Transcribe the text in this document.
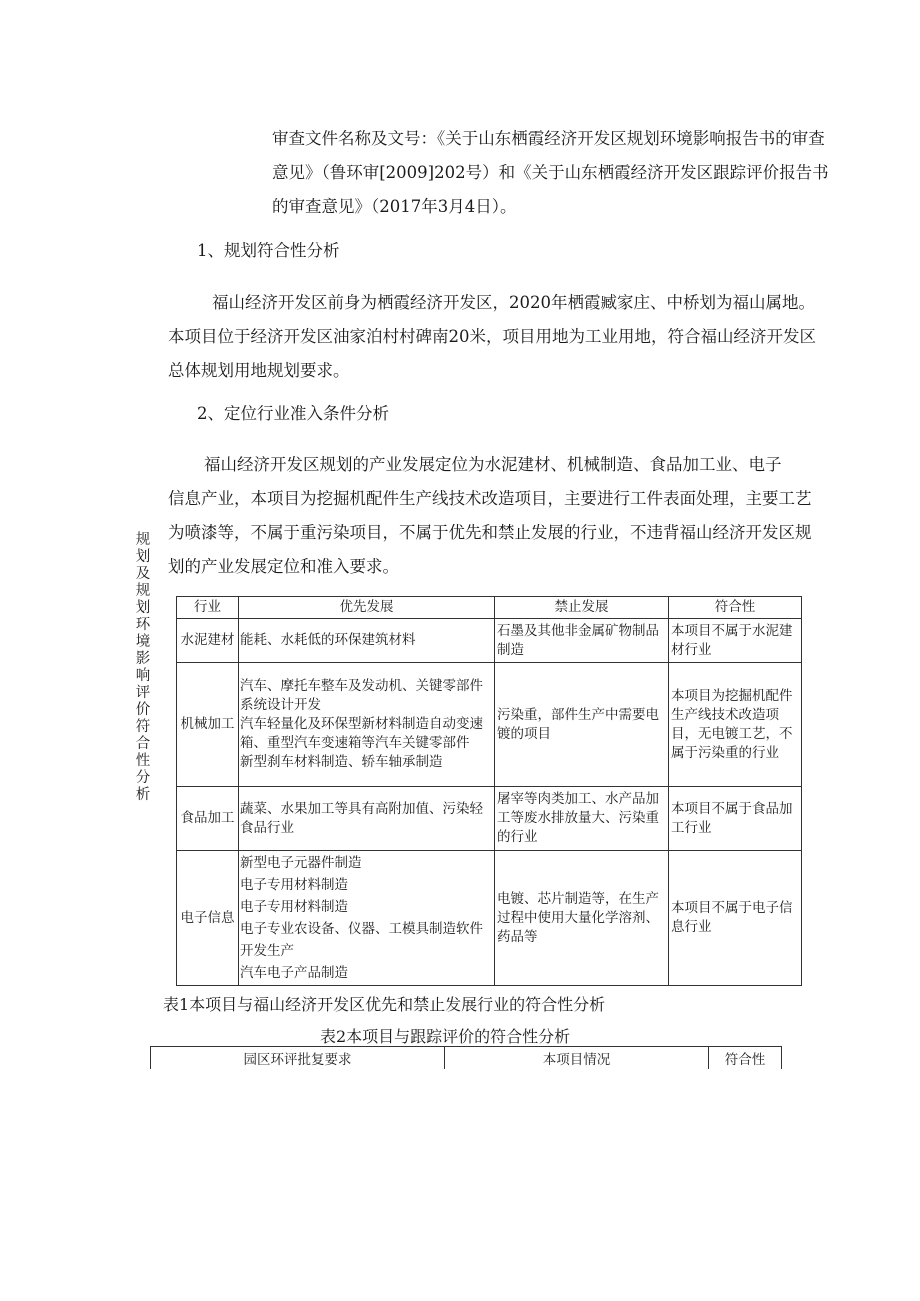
审查文件名称及文号：《关于山东栖霞经济开发区规划环境影响报告书的审查意见》（鲁环审[2009]202号）和《关于山东栖霞经济开发区跟踪评价报告书的审查意见》（2017年3月4日）。

1、规划符合性分析

福山经济开发区前身为栖霞经济开发区，2020年栖霞臧家庄、中桥划为福山属地。本项目位于经济开发区油家泊村村碑南20米，项目用地为工业用地，符合福山经济开发区总体规划用地规划要求。

2、定位行业准入条件分析

福山经济开发区规划的产业发展定位为水泥建材、机械制造、食品加工业、电子
信息产业，本项目为挖掘机配件生产线技术改造项目，主要进行工件表面处理，主要工艺为喷漆等，不属于重污染项目，不属于优先和禁止发展的行业，不违背福山经济开发区规划的产业发展定位和准入要求。

规划及规划环境影响评价符合性分析
行业	优先发展	禁止发展	符合性
水泥建材	能耗、水耗低的环保建筑材料	石墨及其他非金属矿物制品制造	本项目不属于水泥建材行业
机械加工	汽车、摩托车整车及发动机、关键零部件系统设计开发
汽车轻量化及环保型新材料制造自动变速箱、重型汽车变速箱等汽车关键零部件
新型刹车材料制造、轿车轴承制造	污染重，部件生产中需要电镀的项目	本项目为挖掘机配件生产线技术改造项目，无电镀工艺，不属于污染重的行业
食品加工	蔬菜、水果加工等具有高附加值、污染轻食品行业	屠宰等肉类加工、水产品加工等废水排放量大、污染重的行业	本项目不属于食品加工行业
电子信息	新型电子元器件制造
电子专用材料制造
电子专用材料制造
电子专业农设备、仪器、工模具制造软件开发生产
汽车电子产品制造	电镀、芯片制造等，在生产过程中使用大量化学溶剂、药品等	本项目不属于电子信息行业
表1本项目与福山经济开发区优先和禁止发展行业的符合性分析
表2本项目与跟踪评价的符合性分析
园区环评批复要求	本项目情况	符合性
